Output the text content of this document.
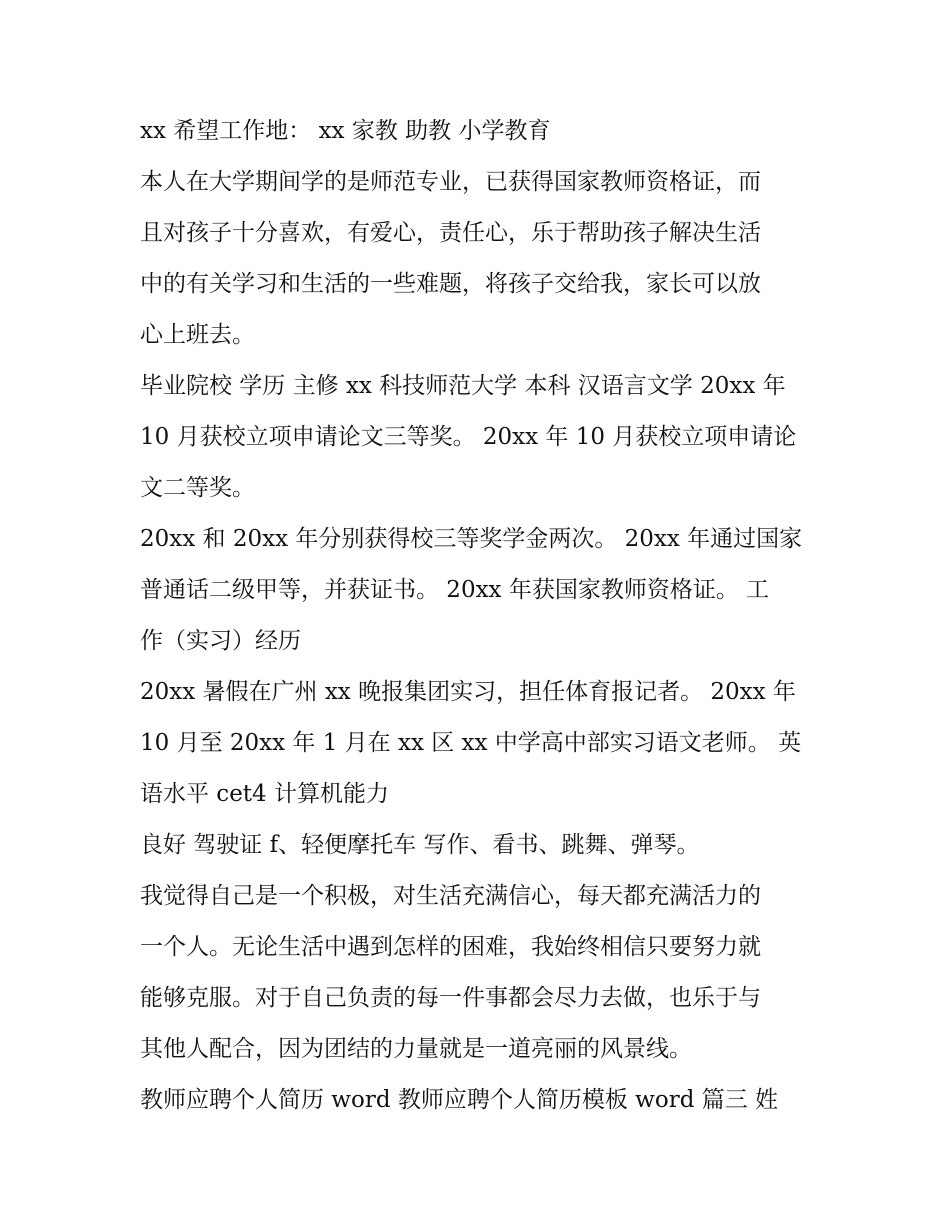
xx 希望工作地： xx 家教 助教 小学教育

本人在大学期间学的是师范专业，已获得国家教师资格证，而
且对孩子十分喜欢，有爱心，责任心，乐于帮助孩子解决生活
中的有关学习和生活的一些难题，将孩子交给我，家长可以放
心上班去。

毕业院校 学历 主修 xx 科技师范大学 本科 汉语言文学 20xx 年
10 月获校立项申请论文三等奖。 20xx 年 10 月获校立项申请论
文二等奖。

20xx 和 20xx 年分别获得校三等奖学金两次。 20xx 年通过国家
普通话二级甲等，并获证书。 20xx 年获国家教师资格证。 工
作（实习）经历

20xx 暑假在广州 xx 晚报集团实习，担任体育报记者。 20xx 年
10 月至 20xx 年 1 月在 xx 区 xx 中学高中部实习语文老师。 英
语水平 cet4 计算机能力

良好 驾驶证 f、轻便摩托车 写作、看书、跳舞、弹琴。

我觉得自己是一个积极，对生活充满信心，每天都充满活力的
一个人。无论生活中遇到怎样的困难，我始终相信只要努力就
能够克服。对于自己负责的每一件事都会尽力去做，也乐于与
其他人配合，因为团结的力量就是一道亮丽的风景线。

教师应聘个人简历 word 教师应聘个人简历模板 word 篇三 姓
